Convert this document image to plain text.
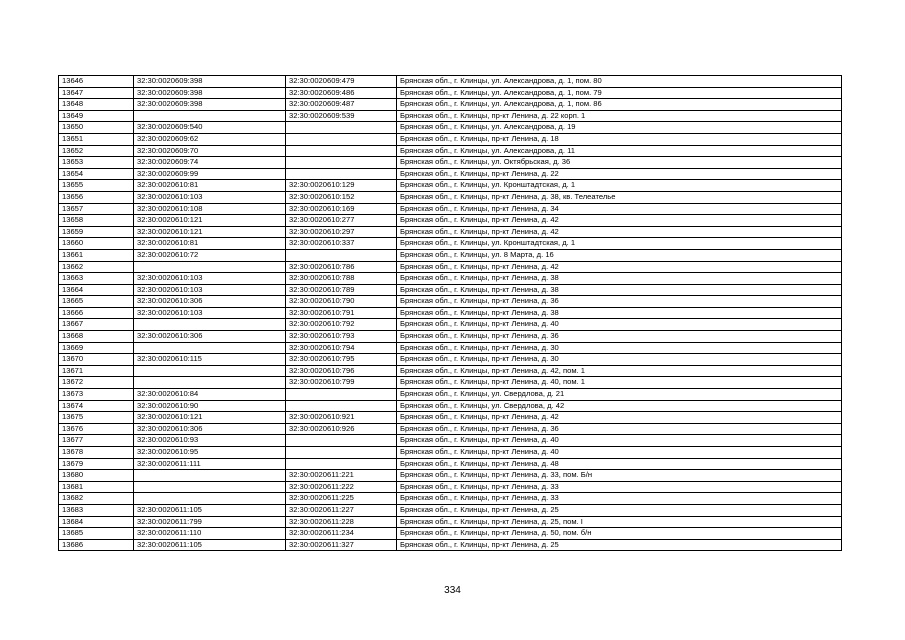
13646	32:30:0020609:398	32:30:0020609:479	Брянская обл., г. Клинцы, ул. Александрова, д. 1, пом. 80
13647	32:30:0020609:398	32:30:0020609:486	Брянская обл., г. Клинцы, ул. Александрова, д. 1, пом. 79
13648	32:30:0020609:398	32:30:0020609:487	Брянская обл., г. Клинцы, ул. Александрова, д. 1, пом. 86
13649		32:30:0020609:539	Брянская обл., г. Клинцы, пр-кт Ленина, д. 22 корп. 1
13650	32:30:0020609:540		Брянская обл., г. Клинцы, ул. Александрова, д. 19
13651	32:30:0020609:62		Брянская обл., г. Клинцы, пр-кт Ленина, д. 18
13652	32:30:0020609:70		Брянская обл., г. Клинцы, ул. Александрова, д. 11
13653	32:30:0020609:74		Брянская обл., г. Клинцы, ул. Октябрьская, д. 36
13654	32:30:0020609:99		Брянская обл., г. Клинцы, пр-кт Ленина, д. 22
13655	32:30:0020610:81	32:30:0020610:129	Брянская обл., г. Клинцы, ул. Кронштадтская, д. 1
13656	32:30:0020610:103	32:30:0020610:152	Брянская обл., г. Клинцы, пр-кт Ленина, д. 38, кв. Телеателье
13657	32:30:0020610:108	32:30:0020610:169	Брянская обл., г. Клинцы, пр-кт Ленина, д. 34
13658	32:30:0020610:121	32:30:0020610:277	Брянская обл., г. Клинцы, пр-кт Ленина, д. 42
13659	32:30:0020610:121	32:30:0020610:297	Брянская обл., г. Клинцы, пр-кт Ленина, д. 42
13660	32:30:0020610:81	32:30:0020610:337	Брянская обл., г. Клинцы, ул. Кронштадтская, д. 1
13661	32:30:0020610:72		Брянская обл., г. Клинцы, ул. 8 Марта, д. 16
13662		32:30:0020610:786	Брянская обл., г. Клинцы, пр-кт Ленина, д. 42
13663	32:30:0020610:103	32:30:0020610:788	Брянская обл., г. Клинцы, пр-кт Ленина, д. 38
13664	32:30:0020610:103	32:30:0020610:789	Брянская обл., г. Клинцы, пр-кт Ленина, д. 38
13665	32:30:0020610:306	32:30:0020610:790	Брянская обл., г. Клинцы, пр-кт Ленина, д. 36
13666	32:30:0020610:103	32:30:0020610:791	Брянская обл., г. Клинцы, пр-кт Ленина, д. 38
13667		32:30:0020610:792	Брянская обл., г. Клинцы, пр-кт Ленина, д. 40
13668	32:30:0020610:306	32:30:0020610:793	Брянская обл., г. Клинцы, пр-кт Ленина, д. 36
13669		32:30:0020610:794	Брянская обл., г. Клинцы, пр-кт Ленина, д. 30
13670	32:30:0020610:115	32:30:0020610:795	Брянская обл., г. Клинцы, пр-кт Ленина, д. 30
13671		32:30:0020610:796	Брянская обл., г. Клинцы, пр-кт Ленина, д. 42, пом. 1
13672		32:30:0020610:799	Брянская обл., г. Клинцы, пр-кт Ленина, д. 40, пом. 1
13673	32:30:0020610:84		Брянская обл., г. Клинцы, ул. Свердлова, д. 21
13674	32:30:0020610:90		Брянская обл., г. Клинцы, ул. Свердлова, д. 42
13675	32:30:0020610:121	32:30:0020610:921	Брянская обл., г. Клинцы, пр-кт Ленина, д. 42
13676	32:30:0020610:306	32:30:0020610:926	Брянская обл., г. Клинцы, пр-кт Ленина, д. 36
13677	32:30:0020610:93		Брянская обл., г. Клинцы, пр-кт Ленина, д. 40
13678	32:30:0020610:95		Брянская обл., г. Клинцы, пр-кт Ленина, д. 40
13679	32:30:0020611:111		Брянская обл., г. Клинцы, пр-кт Ленина, д. 48
13680		32:30:0020611:221	Брянская обл., г. Клинцы, пр-кт Ленина, д. 33, пом. Б/н
13681		32:30:0020611:222	Брянская обл., г. Клинцы, пр-кт Ленина, д. 33
13682		32:30:0020611:225	Брянская обл., г. Клинцы, пр-кт Ленина, д. 33
13683	32:30:0020611:105	32:30:0020611:227	Брянская обл., г. Клинцы, пр-кт Ленина, д. 25
13684	32:30:0020611:799	32:30:0020611:228	Брянская обл., г. Клинцы, пр-кт Ленина, д. 25, пом. I
13685	32:30:0020611:110	32:30:0020611:234	Брянская обл., г. Клинцы, пр-кт Ленина, д. 50, пом. б/н
13686	32:30:0020611:105	32:30:0020611:327	Брянская обл., г. Клинцы, пр-кт Ленина, д. 25
334
